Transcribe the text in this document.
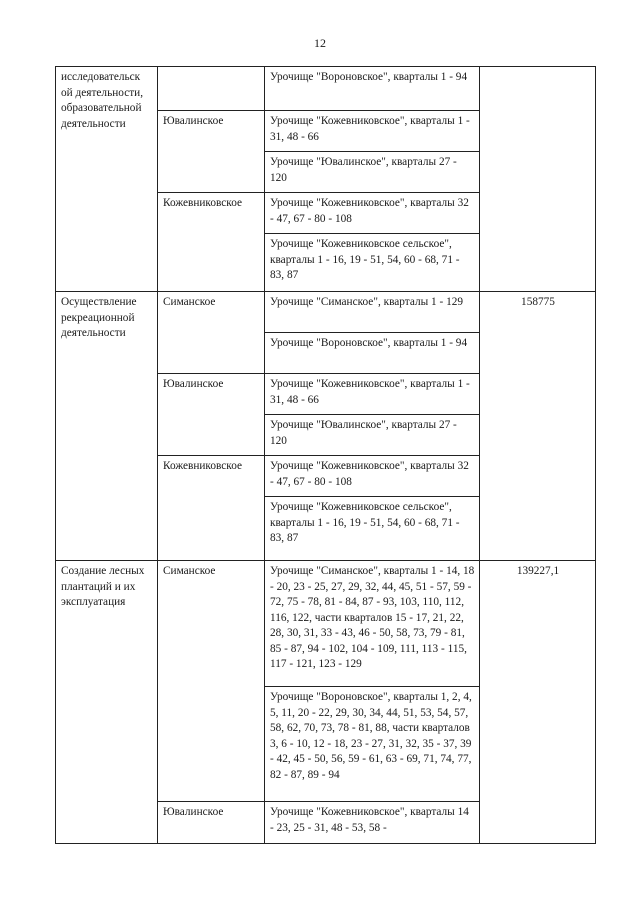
12
исследовательск ой деятельности, образовательной деятельности		Урочище "Вороновское", кварталы 1 - 94	
	Ювалинское	Урочище "Кожевниковское", кварталы 1 - 31, 48 - 66	
		Урочище "Ювалинское", кварталы 27 - 120	
	Кожевниковское	Урочище "Кожевниковское", кварталы 32 - 47, 67 - 80 - 108	
		Урочище "Кожевниковское сельское", кварталы 1 - 16, 19 - 51, 54, 60 - 68, 71 - 83, 87	
Осуществление рекреационной деятельности	Симанское	Урочище "Симанское", кварталы 1 - 129	158775
		Урочище "Вороновское", кварталы 1 - 94	
	Ювалинское	Урочище "Кожевниковское", кварталы 1 - 31, 48 - 66	
		Урочище "Ювалинское", кварталы 27 - 120	
	Кожевниковское	Урочище "Кожевниковское", кварталы 32 - 47, 67 - 80 - 108	
		Урочище "Кожевниковское сельское", кварталы 1 - 16, 19 - 51, 54, 60 - 68, 71 - 83, 87	
Создание лесных плантаций и их эксплуатация	Симанское	Урочище "Симанское", кварталы 1 - 14, 18 - 20, 23 - 25, 27, 29, 32, 44, 45, 51 - 57, 59 - 72, 75 - 78, 81 - 84, 87 - 93, 103, 110, 112, 116, 122, части кварталов 15 - 17, 21, 22, 28, 30, 31, 33 - 43, 46 - 50, 58, 73, 79 - 81, 85 - 87, 94 - 102, 104 - 109, 111, 113 - 115, 117 - 121, 123 - 129	139227,1
		Урочище "Вороновское", кварталы 1, 2, 4, 5, 11, 20 - 22, 29, 30, 34, 44, 51, 53, 54, 57, 58, 62, 70, 73, 78 - 81, 88, части кварталов 3, 6 - 10, 12 - 18, 23 - 27, 31, 32, 35 - 37, 39 - 42, 45 - 50, 56, 59 - 61, 63 - 69, 71, 74, 77, 82 - 87, 89 - 94	
	Ювалинское	Урочище "Кожевниковское", кварталы 14 - 23, 25 - 31, 48 - 53, 58 -	
